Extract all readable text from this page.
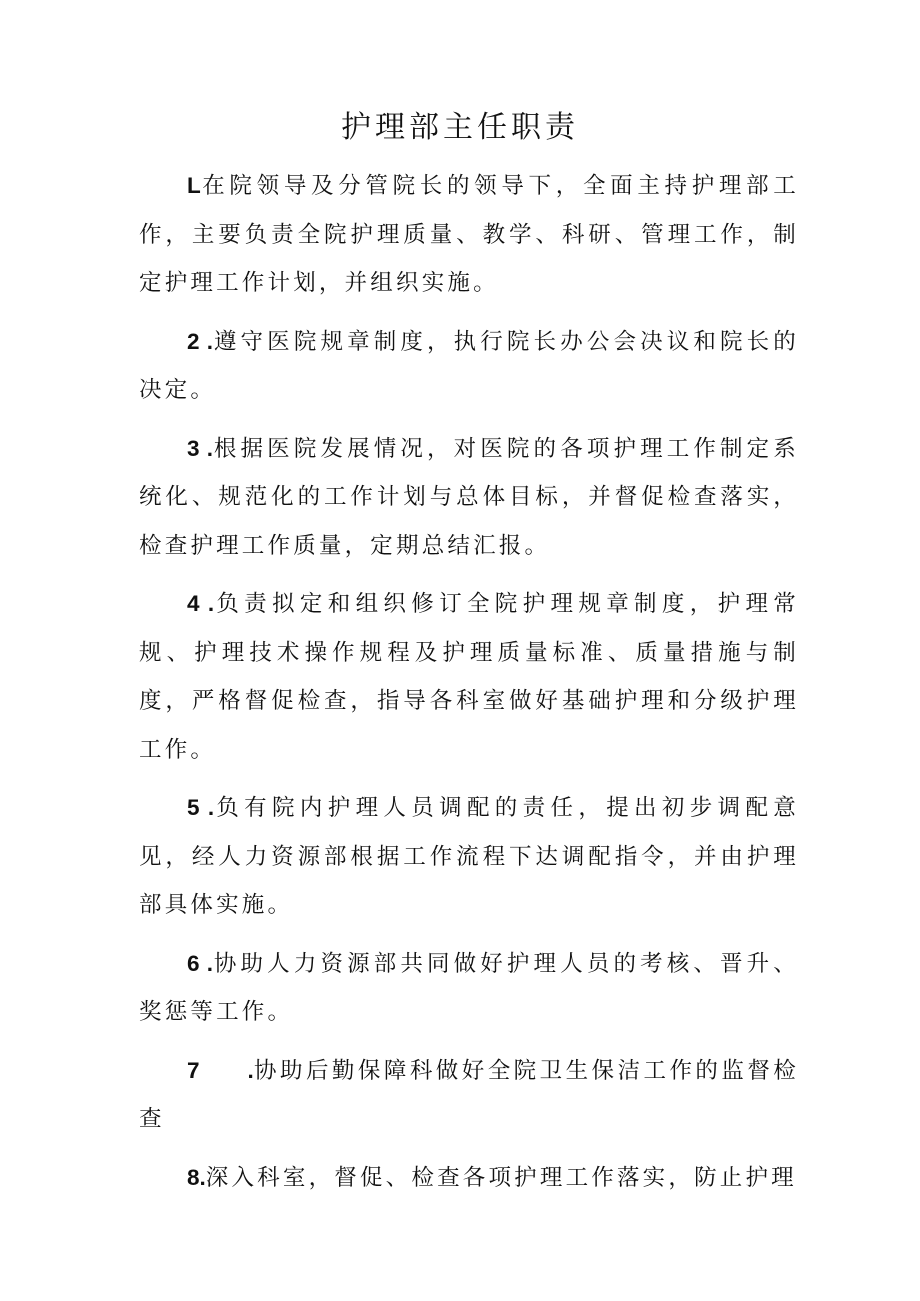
护理部主任职责

L在院领导及分管院长的领导下，全面主持护理部工作，主要负责全院护理质量、教学、科研、管理工作，制定护理工作计划，并组织实施。

2 .遵守医院规章制度，执行院长办公会决议和院长的决定。

3 .根据医院发展情况，对医院的各项护理工作制定系统化、规范化的工作计划与总体目标，并督促检查落实，检查护理工作质量，定期总结汇报。

4 .负责拟定和组织修订全院护理规章制度，护理常规、护理技术操作规程及护理质量标准、质量措施与制度，严格督促检查，指导各科室做好基础护理和分级护理工作。

5 .负有院内护理人员调配的责任，提出初步调配意见，经人力资源部根据工作流程下达调配指令，并由护理部具体实施。

6 .协助人力资源部共同做好护理人员的考核、晋升、奖惩等工作。

7 .协助后勤保障科做好全院卫生保洁工作的监督检查

8.深入科室，督促、检查各项护理工作落实，防止护理
